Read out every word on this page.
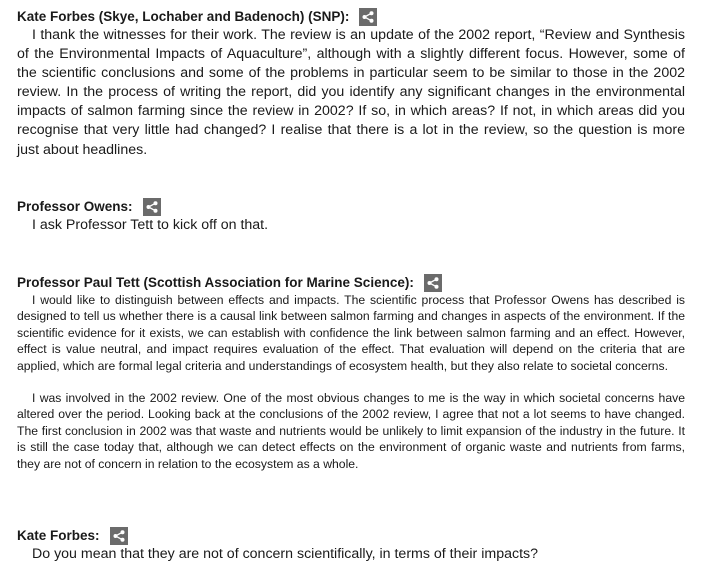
Kate Forbes (Skye, Lochaber and Badenoch) (SNP):

I thank the witnesses for their work. The review is an update of the 2002 report, “Review and Synthesis of the Environmental Impacts of Aquaculture”, although with a slightly different focus. However, some of the scientific conclusions and some of the problems in particular seem to be similar to those in the 2002 review. In the process of writing the report, did you identify any significant changes in the environmental impacts of salmon farming since the review in 2002? If so, in which areas? If not, in which areas did you recognise that very little had changed? I realise that there is a lot in the review, so the question is more just about headlines.

Professor Owens:

I ask Professor Tett to kick off on that.

Professor Paul Tett (Scottish Association for Marine Science):

I would like to distinguish between effects and impacts. The scientific process that Professor Owens has described is designed to tell us whether there is a causal link between salmon farming and changes in aspects of the environment. If the scientific evidence for it exists, we can establish with confidence the link between salmon farming and an effect. However, effect is value neutral, and impact requires evaluation of the effect. That evaluation will depend on the criteria that are applied, which are formal legal criteria and understandings of ecosystem health, but they also relate to societal concerns.

I was involved in the 2002 review. One of the most obvious changes to me is the way in which societal concerns have altered over the period. Looking back at the conclusions of the 2002 review, I agree that not a lot seems to have changed. The first conclusion in 2002 was that waste and nutrients would be unlikely to limit expansion of the industry in the future. It is still the case today that, although we can detect effects on the environment of organic waste and nutrients from farms, they are not of concern in relation to the ecosystem as a whole.

Kate Forbes:

Do you mean that they are not of concern scientifically, in terms of their impacts?
